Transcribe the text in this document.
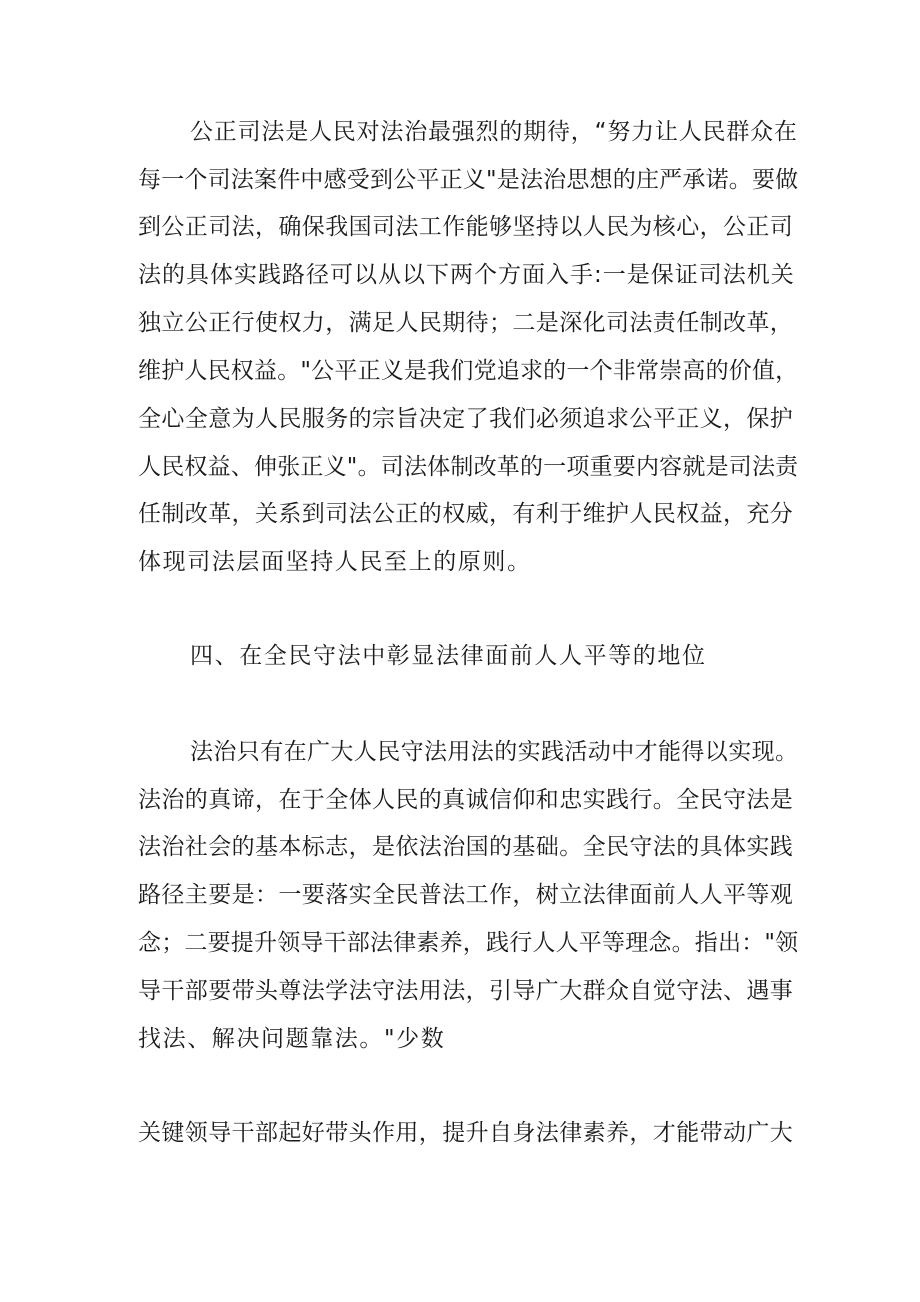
公正司法是人民对法治最强烈的期待，“努力让人民群众在
每一个司法案件中感受到公平正义"是法治思想的庄严承诺。要做
到公正司法，确保我国司法工作能够坚持以人民为核心，公正司
法的具体实践路径可以从以下两个方面入手:一是保证司法机关
独立公正行使权力，满足人民期待；二是深化司法责任制改革，
维护人民权益。"公平正义是我们党追求的一个非常崇高的价值，
全心全意为人民服务的宗旨决定了我们必须追求公平正义，保护
人民权益、伸张正义"。司法体制改革的一项重要内容就是司法责
任制改革，关系到司法公正的权威，有利于维护人民权益，充分
体现司法层面坚持人民至上的原则。
四、在全民守法中彰显法律面前人人平等的地位
法治只有在广大人民守法用法的实践活动中才能得以实现。
法治的真谛，在于全体人民的真诚信仰和忠实践行。全民守法是
法治社会的基本标志，是依法治国的基础。全民守法的具体实践
路径主要是：一要落实全民普法工作，树立法律面前人人平等观
念；二要提升领导干部法律素养，践行人人平等理念。指出："领
导干部要带头尊法学法守法用法，引导广大群众自觉守法、遇事
找法、解决问题靠法。"少数
关键领导干部起好带头作用，提升自身法律素养，才能带动广大
